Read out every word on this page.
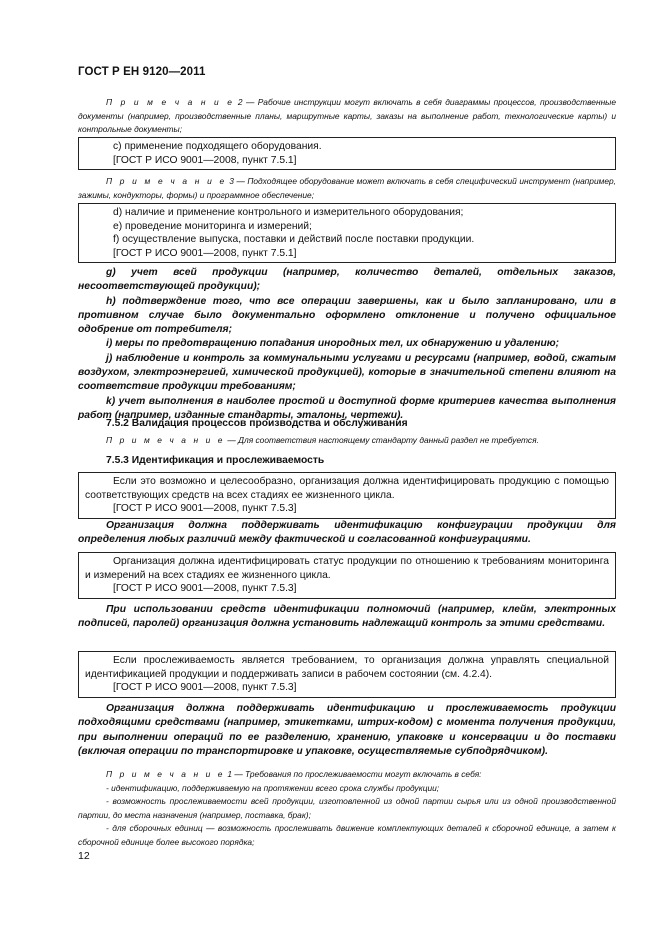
ГОСТ Р ЕН 9120—2011

П р и м е ч а н и е 2 — Рабочие инструкции могут включать в себя диаграммы процессов, производственные документы (например, производственные планы, маршрутные карты, заказы на выполнение работ, технологические карты) и контрольные документы;

c) применение подходящего оборудования.

[ГОСТ Р ИСО 9001—2008, пункт 7.5.1]

П р и м е ч а н и е 3 — Подходящее оборудование может включать в себя специфический инструмент (например, зажимы, кондукторы, формы) и программное обеспечение;

d) наличие и применение контрольного и измерительного оборудования;

e) проведение мониторинга и измерений;

f) осуществление выпуска, поставки и действий после поставки продукции.

[ГОСТ Р ИСО 9001—2008, пункт 7.5.1]

g) учет всей продукции (например, количество деталей, отдельных заказов, несоответствующей продукции);

h) подтверждение того, что все операции завершены, как и было запланировано, или в противном случае было документально оформлено отклонение и получено официальное одобрение от потребителя;

i) меры по предотвращению попадания инородных тел, их обнаружению и удалению;

j) наблюдение и контроль за коммунальными услугами и ресурсами (например, водой, сжатым воздухом, электроэнергией, химической продукцией), которые в значительной степени влияют на соответствие продукции требованиям;

k) учет выполнения в наиболее простой и доступной форме критериев качества выполнения работ (например, изданные стандарты, эталоны, чертежи).

7.5.2 Валидация процессов производства и обслуживания

П р и м е ч а н и е — Для соответствия настоящему стандарту данный раздел не требуется.

7.5.3 Идентификация и прослеживаемость

Если это возможно и целесообразно, организация должна идентифицировать продукцию с помощью соответствующих средств на всех стадиях ее жизненного цикла.

[ГОСТ Р ИСО 9001—2008, пункт 7.5.3]

Организация должна поддерживать идентификацию конфигурации продукции для определения любых различий между фактической и согласованной конфигурациями.

Организация должна идентифицировать статус продукции по отношению к требованиям мониторинга и измерений на всех стадиях ее жизненного цикла.

[ГОСТ Р ИСО 9001—2008, пункт 7.5.3]

При использовании средств идентификации полномочий (например, клейм, электронных подписей, паролей) организация должна установить надлежащий контроль за этими средствами.

Если прослеживаемость является требованием, то организация должна управлять специальной идентификацией продукции и поддерживать записи в рабочем состоянии (см. 4.2.4).

[ГОСТ Р ИСО 9001—2008, пункт 7.5.3]

Организация должна поддерживать идентификацию и прослеживаемость продукции подходящими средствами (например, этикетками, штрих-кодом) с момента получения продукции, при выполнении операций по ее разделению, хранению, упаковке и консервации и до поставки (включая операции по транспортировке и упаковке, осуществляемые субподрядчиком).

П р и м е ч а н и е 1 — Требования по прослеживаемости могут включать в себя:

- идентификацию, поддерживаемую на протяжении всего срока службы продукции;

- возможность прослеживаемости всей продукции, изготовленной из одной партии сырья или из одной производственной партии, до места назначения (например, поставка, брак);

- для сборочных единиц — возможность прослеживать движение комплектующих деталей к сборочной единице, а затем к сборочной единице более высокого порядка;

12
